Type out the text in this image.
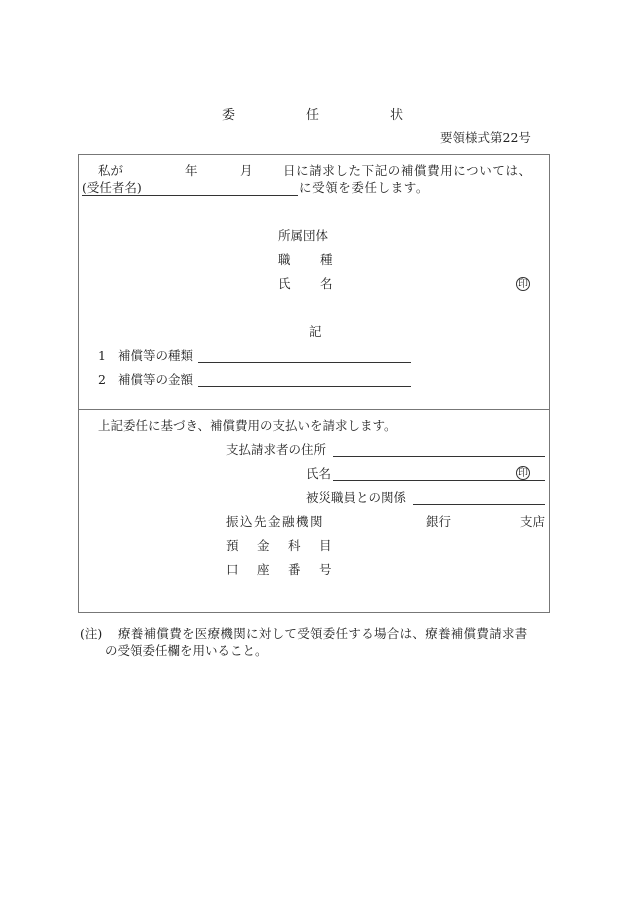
委	任	状
要領様式第22号
私が	年	月 日に請求した下記の補償費用については、
(受任者名)	に受領を委任します。
所属団体
職 種
氏 名	印
記
1 補償等の種類
2 補償等の金額
上記委任に基づき、補償費用の支払いを請求します。
支払請求者の住所
氏名	印
被災職員との関係
振込先金融機関	銀行	支店
預 金 科 目
口 座 番 号
(注) 療養補償費を医療機関に対して受領委任する場合は、療養補償費請求書
の受領委任欄を用いること。
